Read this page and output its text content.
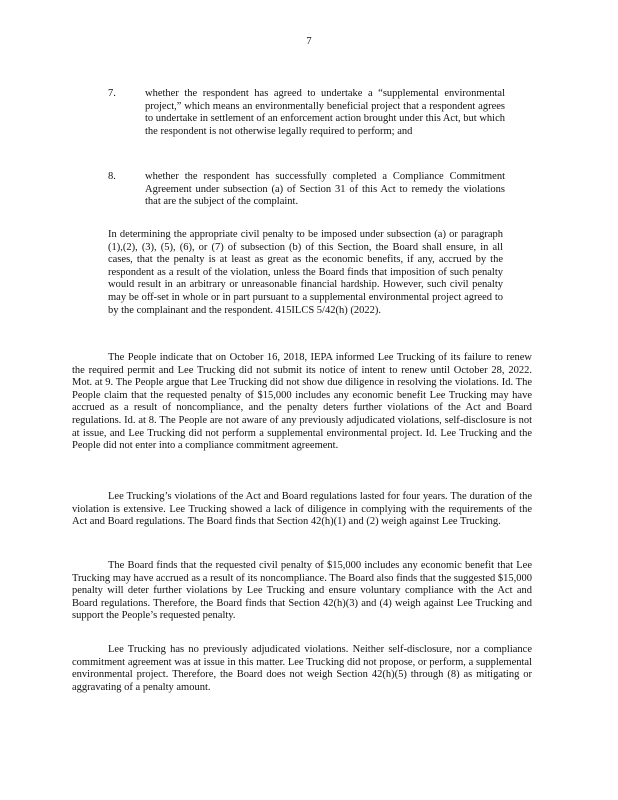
7
7.	whether the respondent has agreed to undertake a “supplemental environmental project,” which means an environmentally beneficial project that a respondent agrees to undertake in settlement of an enforcement action brought under this Act, but which the respondent is not otherwise legally required to perform; and
8.	whether the respondent has successfully completed a Compliance Commitment Agreement under subsection (a) of Section 31 of this Act to remedy the violations that are the subject of the complaint.
In determining the appropriate civil penalty to be imposed under subsection (a) or paragraph (1),(2), (3), (5), (6), or (7) of subsection (b) of this Section, the Board shall ensure, in all cases, that the penalty is at least as great as the economic benefits, if any, accrued by the respondent as a result of the violation, unless the Board finds that imposition of such penalty would result in an arbitrary or unreasonable financial hardship. However, such civil penalty may be off-set in whole or in part pursuant to a supplemental environmental project agreed to by the complainant and the respondent. 415ILCS 5/42(h) (2022).
The People indicate that on October 16, 2018, IEPA informed Lee Trucking of its failure to renew the required permit and Lee Trucking did not submit its notice of intent to renew until October 28, 2022. Mot. at 9. The People argue that Lee Trucking did not show due diligence in resolving the violations. Id. The People claim that the requested penalty of $15,000 includes any economic benefit Lee Trucking may have accrued as a result of noncompliance, and the penalty deters further violations of the Act and Board regulations. Id. at 8. The People are not aware of any previously adjudicated violations, self-disclosure is not at issue, and Lee Trucking did not perform a supplemental environmental project. Id. Lee Trucking and the People did not enter into a compliance commitment agreement.
Lee Trucking’s violations of the Act and Board regulations lasted for four years. The duration of the violation is extensive. Lee Trucking showed a lack of diligence in complying with the requirements of the Act and Board regulations. The Board finds that Section 42(h)(1) and (2) weigh against Lee Trucking.
The Board finds that the requested civil penalty of $15,000 includes any economic benefit that Lee Trucking may have accrued as a result of its noncompliance. The Board also finds that the suggested $15,000 penalty will deter further violations by Lee Trucking and ensure voluntary compliance with the Act and Board regulations. Therefore, the Board finds that Section 42(h)(3) and (4) weigh against Lee Trucking and support the People’s requested penalty.
Lee Trucking has no previously adjudicated violations. Neither self-disclosure, nor a compliance commitment agreement was at issue in this matter. Lee Trucking did not propose, or perform, a supplemental environmental project. Therefore, the Board does not weigh Section 42(h)(5) through (8) as mitigating or aggravating of a penalty amount.
